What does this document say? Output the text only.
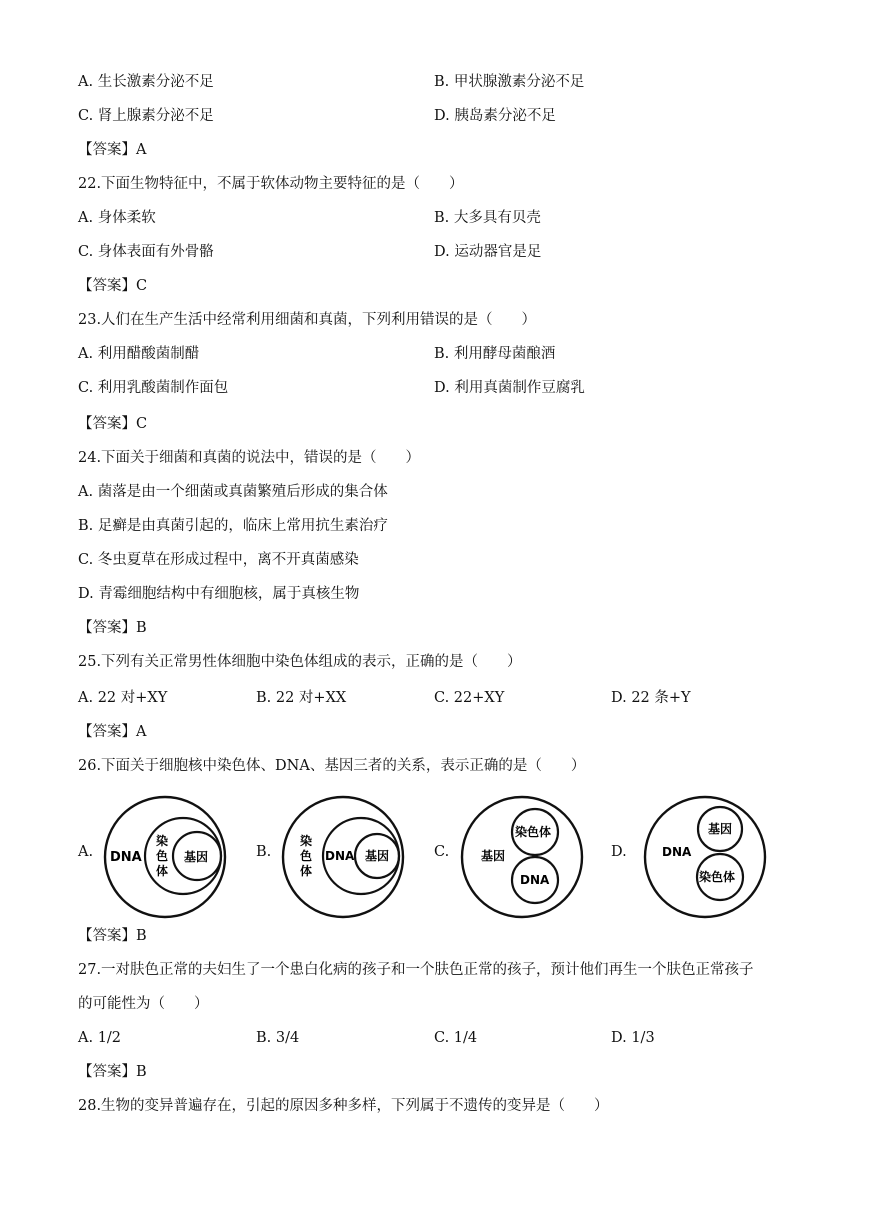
A. 生长激素分泌不足	B. 甲状腺激素分泌不足
C. 肾上腺素分泌不足	D. 胰岛素分泌不足
【答案】A
22.下面生物特征中，不属于软体动物主要特征的是（　　）
A. 身体柔软	B. 大多具有贝壳
C. 身体表面有外骨骼	D. 运动器官是足
【答案】C
23.人们在生产生活中经常利用细菌和真菌，下列利用错误的是（　　）
A. 利用醋酸菌制醋	B. 利用酵母菌酿酒
C. 利用乳酸菌制作面包	D. 利用真菌制作豆腐乳
【答案】C
24.下面关于细菌和真菌的说法中，错误的是（　　）
A. 菌落是由一个细菌或真菌繁殖后形成的集合体
B. 足癣是由真菌引起的，临床上常用抗生素治疗
C. 冬虫夏草在形成过程中，离不开真菌感染
D. 青霉细胞结构中有细胞核，属于真核生物
【答案】B
25.下列有关正常男性体细胞中染色体组成的表示，正确的是（　　）
A. 22 对+XY	B. 22 对+XX	C. 22+XY	D. 22 条+Y
【答案】A
26.下面关于细胞核中染色体、DNA、基因三者的关系，表示正确的是（　　）
A. DNA
染
色
体
基因	B.
染
色
体
DNA 基因	C.
染色体
基因
DNA
D.	DNA
基因
染色体
【答案】B
27.一对肤色正常的夫妇生了一个患白化病的孩子和一个肤色正常的孩子，预计他们再生一个肤色正常孩子
的可能性为（　　）
A. 1/2	B. 3/4	C. 1/4	D. 1/3
【答案】B
28.生物的变异普遍存在，引起的原因多种多样，下列属于不遗传的变异是（　　）
